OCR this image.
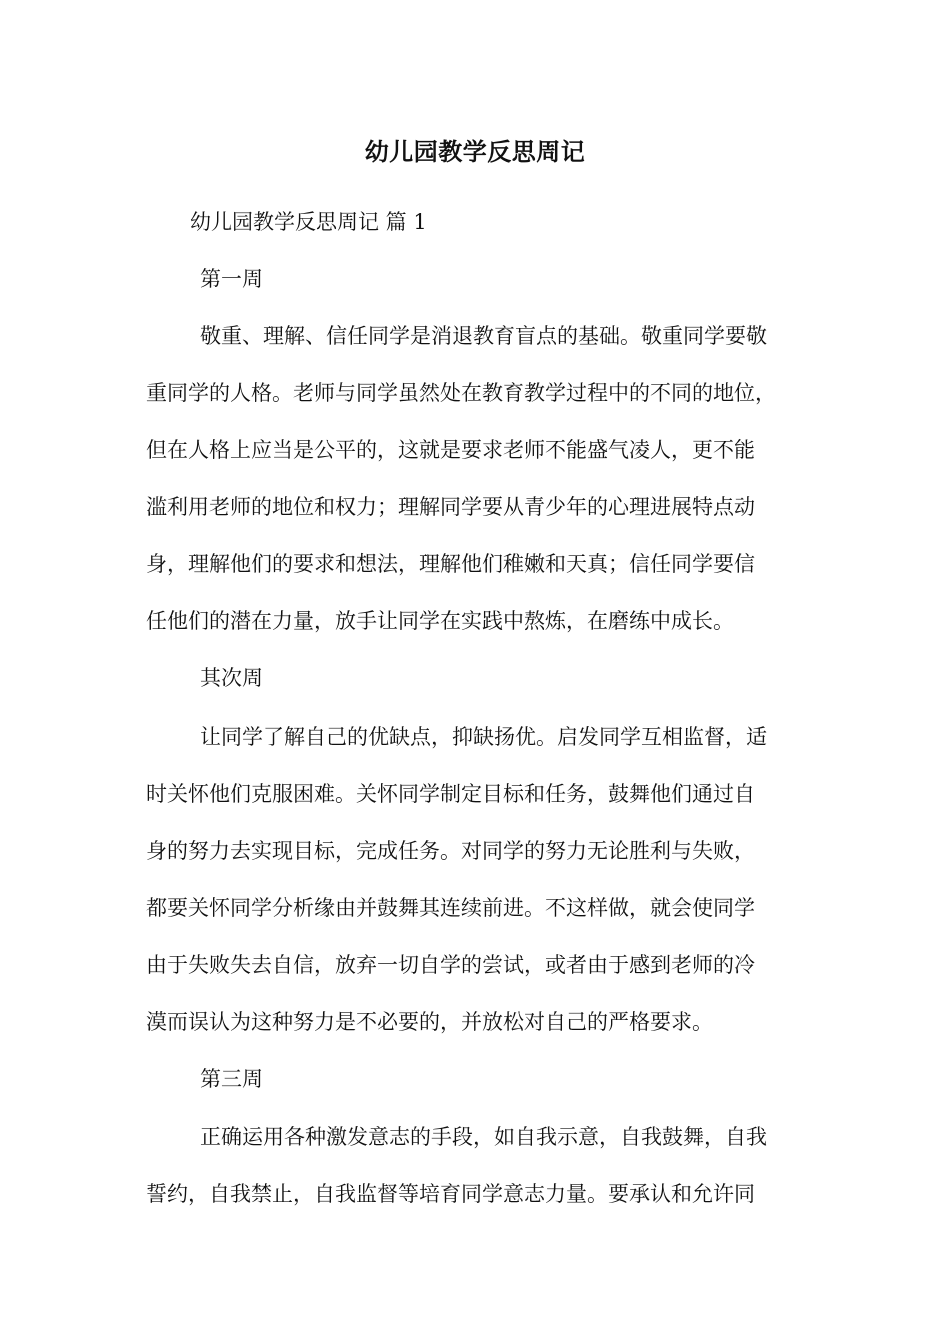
幼儿园教学反思周记
幼儿园教学反思周记 篇 1
第一周
敬重、理解、信任同学是消退教育盲点的基础。敬重同学要敬
重同学的人格。老师与同学虽然处在教育教学过程中的不同的地位，
但在人格上应当是公平的，这就是要求老师不能盛气凌人，更不能
滥利用老师的地位和权力；理解同学要从青少年的心理进展特点动
身，理解他们的要求和想法，理解他们稚嫩和天真；信任同学要信
任他们的潜在力量，放手让同学在实践中熬炼，在磨练中成长。
其次周
让同学了解自己的优缺点，抑缺扬优。启发同学互相监督，适
时关怀他们克服困难。关怀同学制定目标和任务，鼓舞他们通过自
身的努力去实现目标，完成任务。对同学的努力无论胜利与失败，
都要关怀同学分析缘由并鼓舞其连续前进。不这样做，就会使同学
由于失败失去自信，放弃一切自学的尝试，或者由于感到老师的冷
漠而误认为这种努力是不必要的，并放松对自己的严格要求。
第三周
正确运用各种激发意志的手段，如自我示意，自我鼓舞，自我
誓约，自我禁止，自我监督等培育同学意志力量。要承认和允许同
